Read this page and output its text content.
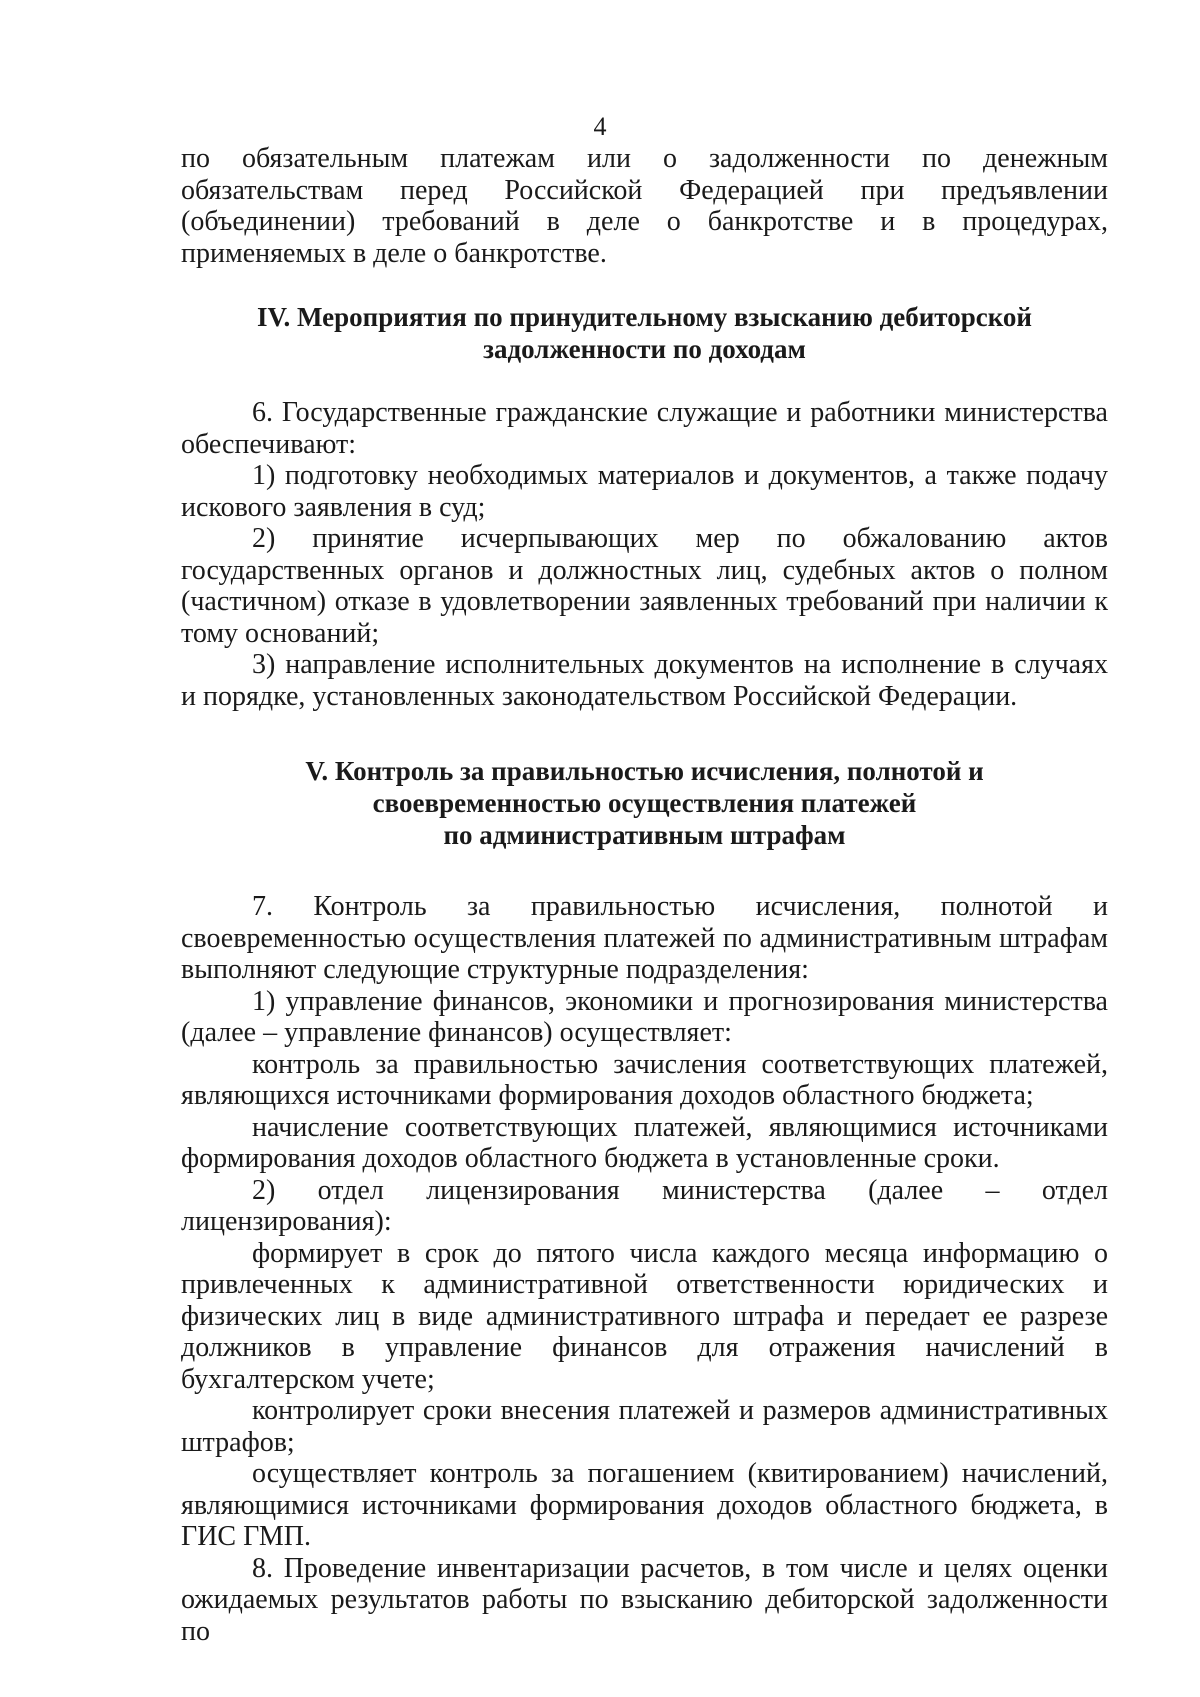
4

по обязательным платежам или о задолженности по денежным обязательствам перед Российской Федерацией при предъявлении (объединении) требований в деле о банкротстве и в процедурах, применяемых в деле о банкротстве.

IV. Мероприятия по принудительному взысканию дебиторской
задолженности по доходам

6. Государственные гражданские служащие и работники министерства обеспечивают:

1) подготовку необходимых материалов и документов, а также подачу искового заявления в суд;

2) принятие исчерпывающих мер по обжалованию актов государственных органов и должностных лиц, судебных актов о полном (частичном) отказе в удовлетворении заявленных требований при наличии к тому оснований;

3) направление исполнительных документов на исполнение в случаях и порядке, установленных законодательством Российской Федерации.

V. Контроль за правильностью исчисления, полнотой и
своевременностью осуществления платежей
по административным штрафам

7. Контроль за правильностью исчисления, полнотой и своевременностью осуществления платежей по административным штрафам выполняют следующие структурные подразделения:

1) управление финансов, экономики и прогнозирования министерства (далее – управление финансов) осуществляет:

контроль за правильностью зачисления соответствующих платежей, являющихся источниками формирования доходов областного бюджета;

начисление соответствующих платежей, являющимися источниками формирования доходов областного бюджета в установленные сроки.

2) отдел лицензирования министерства (далее – отдел лицензирования):

формирует в срок до пятого числа каждого месяца информацию о привлеченных к административной ответственности юридических и физических лиц в виде административного штрафа и передает ее разрезе должников в управление финансов для отражения начислений в бухгалтерском учете;

контролирует сроки внесения платежей и размеров административных штрафов;

осуществляет контроль за погашением (квитированием) начислений, являющимися источниками формирования доходов областного бюджета, в ГИС ГМП.

8. Проведение инвентаризации расчетов, в том числе и целях оценки ожидаемых результатов работы по взысканию дебиторской задолженности по
